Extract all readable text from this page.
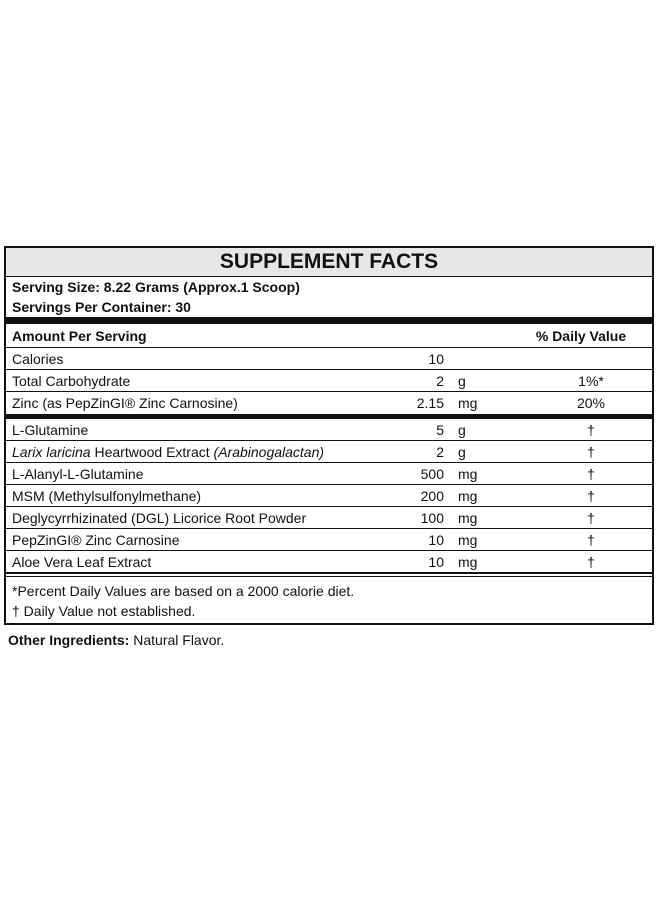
SUPPLEMENT FACTS
Serving Size: 8.22 Grams (Approx.1 Scoop)
Servings Per Container: 30
Amount Per Serving	% Daily Value
Calories	10
Total Carbohydrate	2 g	1%*
Zinc (as PepZinGI® Zinc Carnosine)	2.15 mg	20%
L-Glutamine	5 g	†
Larix laricina Heartwood Extract (Arabinogalactan)	2 g	†
L-Alanyl-L-Glutamine	500 mg	†
MSM (Methylsulfonylmethane)	200 mg	†
Deglycyrrhizinated (DGL) Licorice Root Powder	100 mg	†
PepZinGI® Zinc Carnosine	10 mg	†
Aloe Vera Leaf Extract	10 mg	†
*Percent Daily Values are based on a 2000 calorie diet.
† Daily Value not established.
Other Ingredients: Natural Flavor.
